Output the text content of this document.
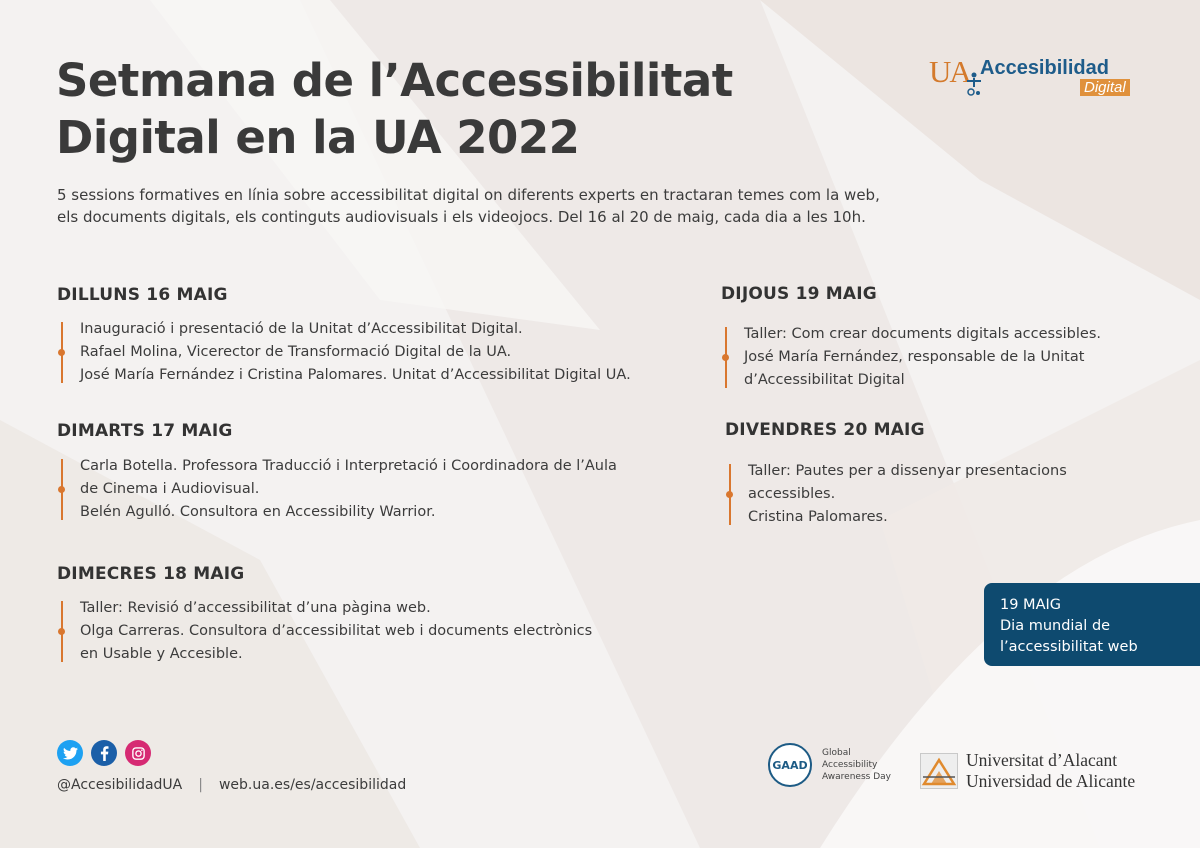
UA Accesibilidad
Digital
Setmana de l’Accessibilitat
Digital en la UA 2022

5 sessions formatives en línia sobre accessibilitat digital on diferents experts en tractaran temes com la web,

els documents digitals, els continguts audiovisuals i els videojocs. Del 16 al 20 de maig, cada dia a les 10h.

DILLUNS 16 MAIG

Inauguració i presentació de la Unitat d’Accessibilitat Digital.

Rafael Molina, Vicerector de Transformació Digital de la UA.

José María Fernández i Cristina Palomares. Unitat d’Accessibilitat Digital UA.

DIMARTS 17 MAIG

Carla Botella. Professora Traducció i Interpretació i Coordinadora de l’Aula

de Cinema i Audiovisual.

Belén Agulló. Consultora en Accessibility Warrior.

DIMECRES 18 MAIG

Taller: Revisió d’accessibilitat d’una pàgina web.

Olga Carreras. Consultora d’accessibilitat web i documents electrònics

en Usable y Accesible.

DIJOUS 19 MAIG

Taller: Com crear documents digitals accessibles.

José María Fernández, responsable de la Unitat

d’Accessibilitat Digital

DIVENDRES 20 MAIG

Taller: Pautes per a dissenyar presentacions

accessibles.

Cristina Palomares.

19 MAIG

Dia mundial de

l’accessibilitat web

@AccesibilidadUA | web.ua.es/es/accesibilidad
GAAD

Global

Accessibility

Awareness Day

Universitat d’Alacant

Universidad de Alicante
